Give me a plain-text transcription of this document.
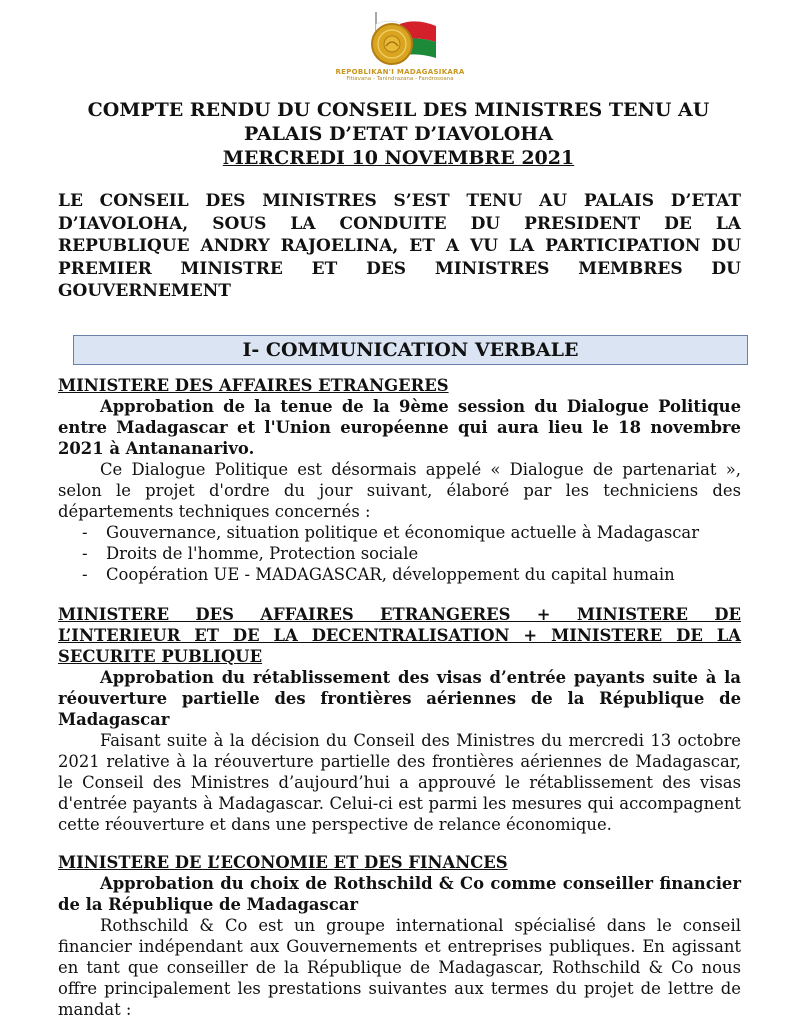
REPOBLIKAN'I MADAGASIKARA
Fitiavana - Tanindrazana - Fandrosoana
COMPTE RENDU DU CONSEIL DES MINISTRES TENU AU
PALAIS D’ETAT D’IAVOLOHA
MERCREDI 10 NOVEMBRE 2021
LE CONSEIL DES MINISTRES S’EST TENU AU PALAIS D’ETAT D’IAVOLOHA, SOUS LA CONDUITE DU PRESIDENT DE LA REPUBLIQUE ANDRY RAJOELINA, ET A VU LA PARTICIPATION DU PREMIER MINISTRE ET DES MINISTRES MEMBRES DU GOUVERNEMENT
I- COMMUNICATION VERBALE

MINISTERE DES AFFAIRES ETRANGERES

Approbation de la tenue de la 9ème session du Dialogue Politique entre Madagascar et l'Union européenne qui aura lieu le 18 novembre 2021 à Antananarivo.

Ce Dialogue Politique est désormais appelé « Dialogue de partenariat », selon le projet d'ordre du jour suivant, élaboré par les techniciens des départements techniques concernés :

- Gouvernance, situation politique et économique actuelle à Madagascar
- Droits de l'homme, Protection sociale
- Coopération UE - MADAGASCAR, développement du capital humain

MINISTERE DES AFFAIRES ETRANGERES + MINISTERE DE L’INTERIEUR ET DE LA DECENTRALISATION + MINISTERE DE LA SECURITE PUBLIQUE

Approbation du rétablissement des visas d’entrée payants suite à la réouverture partielle des frontières aériennes de la République de Madagascar

Faisant suite à la décision du Conseil des Ministres du mercredi 13 octobre 2021 relative à la réouverture partielle des frontières aériennes de Madagascar, le Conseil des Ministres d’aujourd’hui a approuvé le rétablissement des visas d'entrée payants à Madagascar. Celui-ci est parmi les mesures qui accompagnent cette réouverture et dans une perspective de relance économique.

MINISTERE DE L’ECONOMIE ET DES FINANCES

Approbation du choix de Rothschild & Co comme conseiller financier de la République de Madagascar

Rothschild & Co est un groupe international spécialisé dans le conseil financier indépendant aux Gouvernements et entreprises publiques. En agissant en tant que conseiller de la République de Madagascar, Rothschild & Co nous offre principalement les prestations suivantes aux termes du projet de lettre de mandat :
